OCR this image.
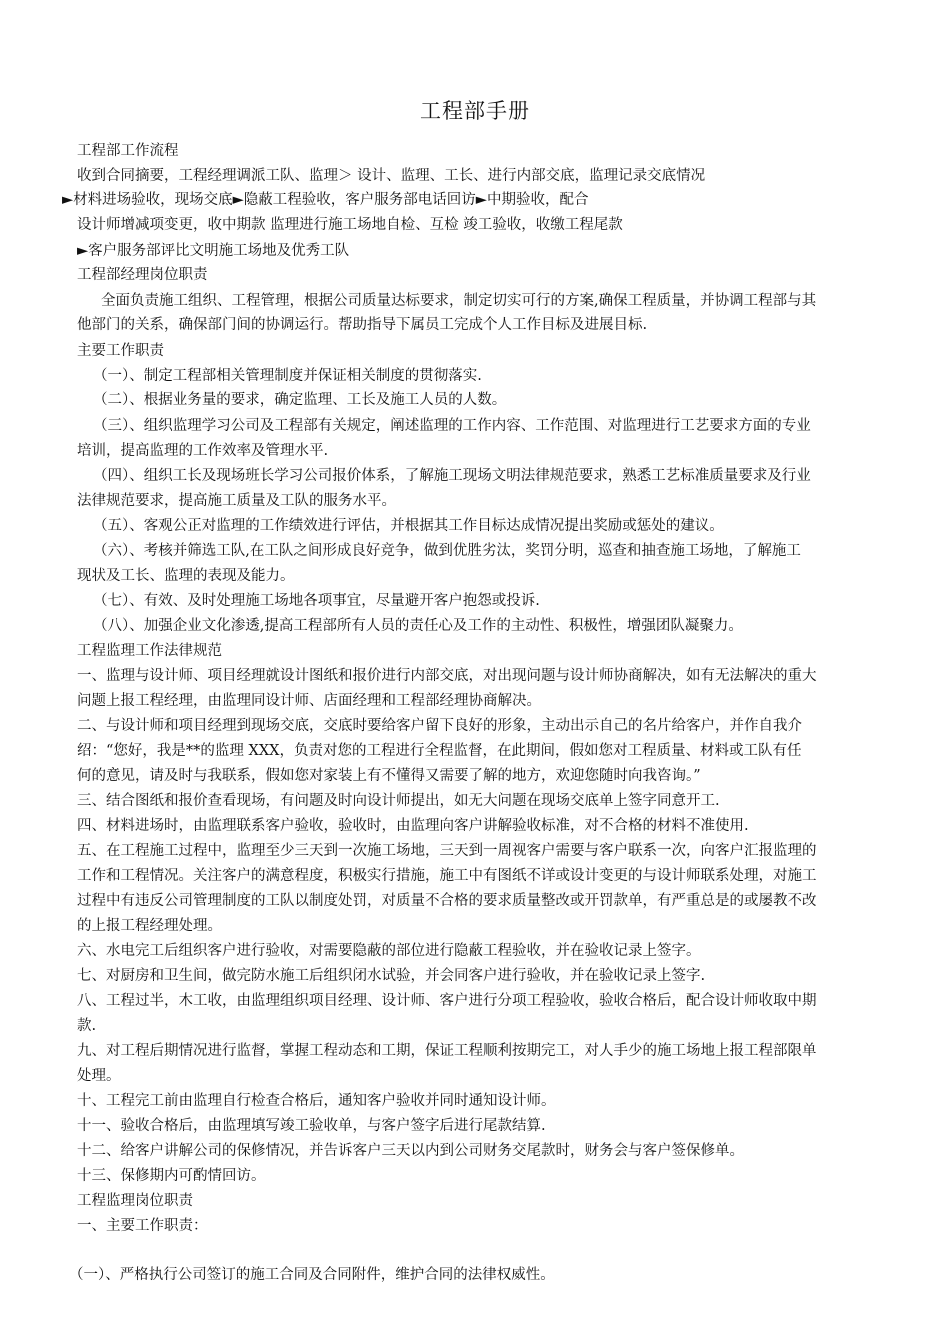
工程部手册
工程部工作流程
收到合同摘要，工程经理调派工队、监理＞ 设计、监理、工长、进行内部交底，监理记录交底情况
►材料进场验收，现场交底►隐蔽工程验收，客户服务部电话回访►中期验收，配合
设计师增减项变更，收中期款 监理进行施工场地自检、互检 竣工验收，收缴工程尾款
►客户服务部评比文明施工场地及优秀工队
工程部经理岗位职责
全面负责施工组织、工程管理，根据公司质量达标要求，制定切实可行的方案,确保工程质量，并协调工程部与其
他部门的关系，确保部门间的协调运行。帮助指导下属员工完成个人工作目标及进展目标.
主要工作职责
（一）、制定工程部相关管理制度并保证相关制度的贯彻落实.
（二）、根据业务量的要求，确定监理、工长及施工人员的人数。
（三）、组织监理学习公司及工程部有关规定，阐述监理的工作内容、工作范围、对监理进行工艺要求方面的专业
培训，提高监理的工作效率及管理水平.
（四）、组织工长及现场班长学习公司报价体系，了解施工现场文明法律规范要求，熟悉工艺标准质量要求及行业
法律规范要求，提高施工质量及工队的服务水平。
（五）、客观公正对监理的工作绩效进行评估，并根据其工作目标达成情况提出奖励或惩处的建议。
（六）、考核并筛选工队,在工队之间形成良好竞争，做到优胜劣汰，奖罚分明，巡查和抽查施工场地，了解施工
现状及工长、监理的表现及能力。
（七）、有效、及时处理施工场地各项事宜，尽量避开客户抱怨或投诉.
（八）、加强企业文化渗透,提高工程部所有人员的责任心及工作的主动性、积极性，增强团队凝聚力。
工程监理工作法律规范
一、监理与设计师、项目经理就设计图纸和报价进行内部交底，对出现问题与设计师协商解决，如有无法解决的重大
问题上报工程经理，由监理同设计师、店面经理和工程部经理协商解决。
二、与设计师和项目经理到现场交底，交底时要给客户留下良好的形象，主动出示自己的名片给客户，并作自我介
绍：“您好，我是**的监理 XXX，负责对您的工程进行全程监督，在此期间，假如您对工程质量、材料或工队有任
何的意见，请及时与我联系，假如您对家装上有不懂得又需要了解的地方，欢迎您随时向我咨询。”
三、结合图纸和报价查看现场，有问题及时向设计师提出，如无大问题在现场交底单上签字同意开工.
四、材料进场时，由监理联系客户验收，验收时，由监理向客户讲解验收标准，对不合格的材料不准使用.
五、在工程施工过程中，监理至少三天到一次施工场地，三天到一周视客户需要与客户联系一次，向客户汇报监理的
工作和工程情况。关注客户的满意程度，积极实行措施，施工中有图纸不详或设计变更的与设计师联系处理，对施工
过程中有违反公司管理制度的工队以制度处罚，对质量不合格的要求质量整改或开罚款单，有严重总是的或屡教不改
的上报工程经理处理。
六、水电完工后组织客户进行验收，对需要隐蔽的部位进行隐蔽工程验收，并在验收记录上签字。
七、对厨房和卫生间，做完防水施工后组织闭水试验，并会同客户进行验收，并在验收记录上签字.
八、工程过半，木工收，由监理组织项目经理、设计师、客户进行分项工程验收，验收合格后，配合设计师收取中期
款.
九、对工程后期情况进行监督，掌握工程动态和工期，保证工程顺利按期完工，对人手少的施工场地上报工程部限单
处理。
十、工程完工前由监理自行检查合格后，通知客户验收并同时通知设计师。
十一、验收合格后，由监理填写竣工验收单，与客户签字后进行尾款结算.
十二、给客户讲解公司的保修情况，并告诉客户三天以内到公司财务交尾款时，财务会与客户签保修单。
十三、保修期内可酌情回访。
工程监理岗位职责
一、主要工作职责：
（一）、严格执行公司签订的施工合同及合同附件，维护合同的法律权威性。
